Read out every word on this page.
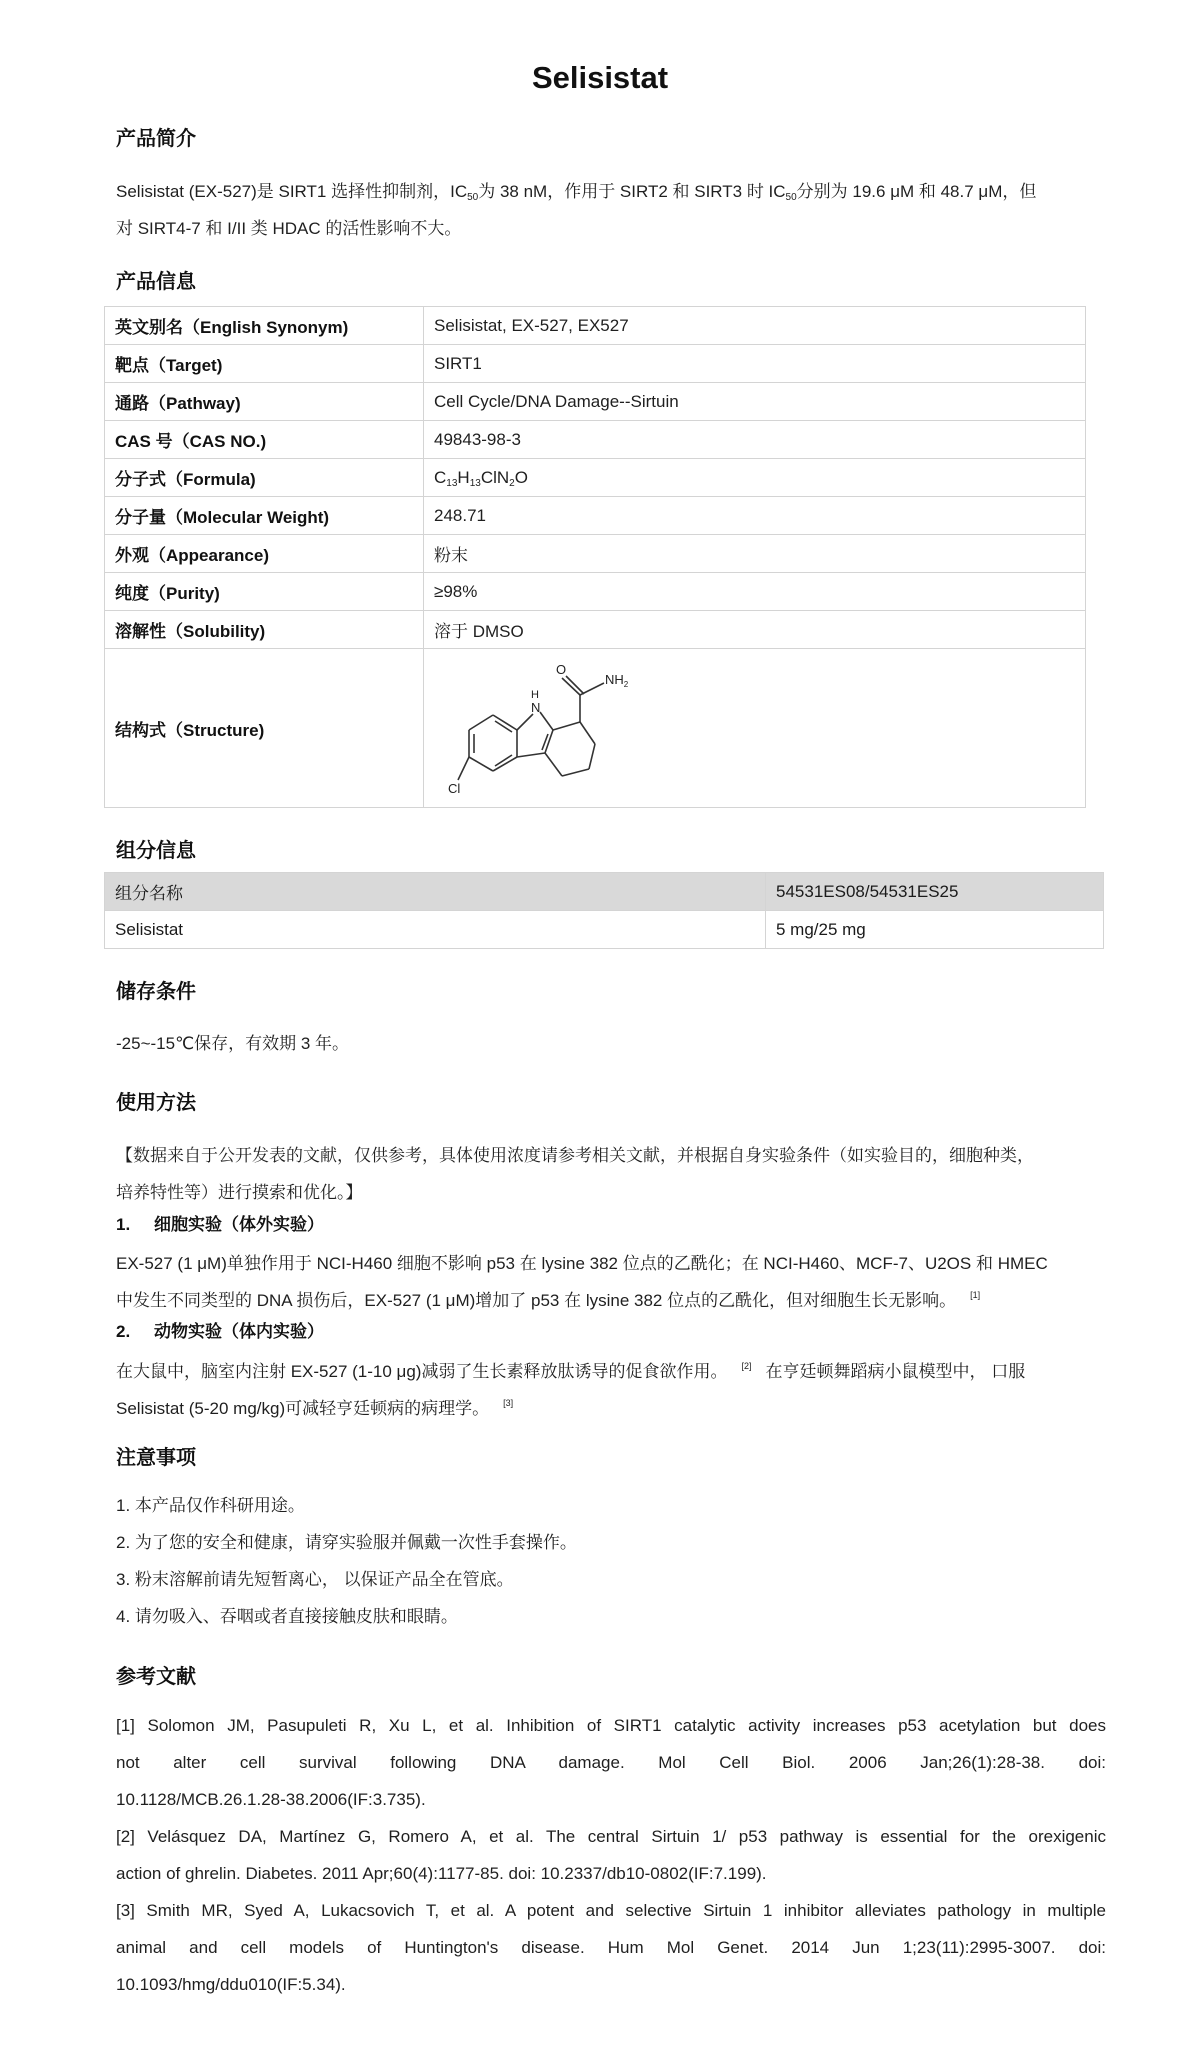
Selisistat
产品简介
Selisistat (EX-527)是 SIRT1 选择性抑制剂，$IC_{50}$为 38 nM，作用于 SIRT2 和 SIRT3 时 $IC_{50}$分别为 19.6 μM 和 48.7 μM，但
对 SIRT4-7 和 I/II 类 HDAC 的活性影响不大。
产品信息
英文别名（English Synonym)	Selisistat, EX-527, EX527
靶点（Target)	SIRT1
通路（Pathway)	Cell Cycle/DNA Damage--Sirtuin
CAS 号（CAS NO.)	49843-98-3
分子式（Formula)	$C_{13}H_{13}ClN_2O$
分子量（Molecular Weight)	248.71
外观（Appearance)	粉末
纯度（Purity)	≥98%
溶解性（Solubility)	溶于 DMSO
结构式（Structure)	O
$NH_2$
H
N
Cl
组分信息
组分名称	54531ES08/54531ES25
Selisistat	5 mg/25 mg
储存条件
-25~-15℃保存，有效期 3 年。
使用方法
【数据来自于公开发表的文献，仅供参考，具体使用浓度请参考相关文献，并根据自身实验条件（如实验目的，细胞种类，
培养特性等）进行摸索和优化。】
1. 细胞实验（体外实验）
EX-527 (1 μM)单独作用于 NCI-H460 细胞不影响 p53 在 lysine 382 位点的乙酰化；在 NCI-H460、MCF-7、U2OS 和 HMEC
中发生不同类型的 DNA 损伤后，EX-527 (1 μM)增加了 p53 在 lysine 382 位点的乙酰化，但对细胞生长无影响。 [1]
2. 动物实验（体内实验）
在大鼠中，脑室内注射 EX-527 (1-10 μg)减弱了生长素释放肽诱导的促食欲作用。 [2] 在亨廷顿舞蹈病小鼠模型中， 口服
Selisistat (5-20 mg/kg)可减轻亨廷顿病的病理学。 [3]
注意事项
1. 本产品仅作科研用途。
2. 为了您的安全和健康，请穿实验服并佩戴一次性手套操作。
3. 粉末溶解前请先短暂离心， 以保证产品全在管底。
4. 请勿吸入、吞咽或者直接接触皮肤和眼睛。
参考文献
[1] Solomon JM, Pasupuleti R, Xu L, et al. Inhibition of SIRT1 catalytic activity increases p53 acetylation but does
not alter cell survival following DNA damage. Mol Cell Biol. 2006 Jan;26(1):28-38. doi:
10.1128/MCB.26.1.28-38.2006(IF:3.735).
[2] Velásquez DA, Martínez G, Romero A, et al. The central Sirtuin 1/ p53 pathway is essential for the orexigenic
action of ghrelin. Diabetes. 2011 Apr;60(4):1177-85. doi: 10.2337/db10-0802(IF:7.199).
[3] Smith MR, Syed A, Lukacsovich T, et al. A potent and selective Sirtuin 1 inhibitor alleviates pathology in multiple
animal and cell models of Huntington's disease. Hum Mol Genet. 2014 Jun 1;23(11):2995-3007. doi:
10.1093/hmg/ddu010(IF:5.34).
